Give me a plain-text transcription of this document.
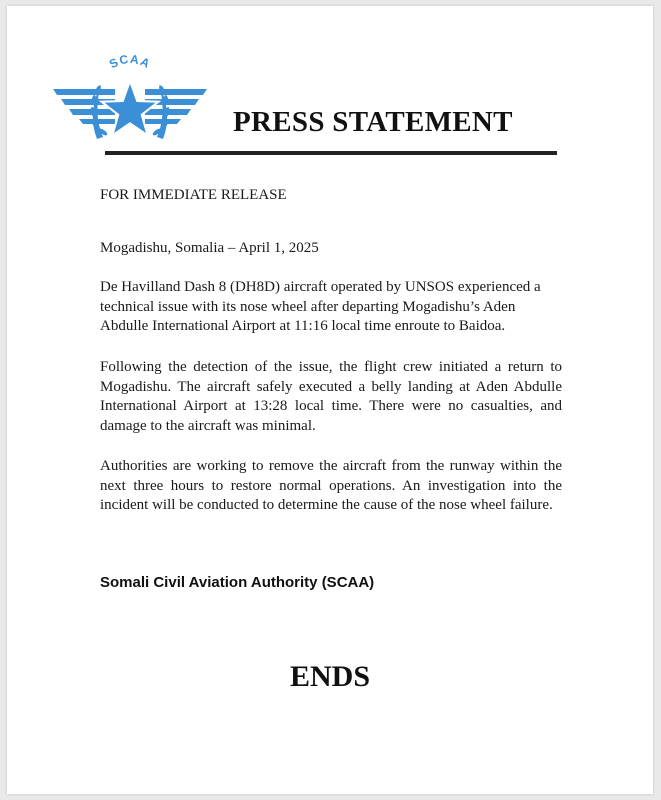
SCAA
PRESS STATEMENT
FOR IMMEDIATE RELEASE
Mogadishu, Somalia – April 1, 2025
De Havilland Dash 8 (DH8D) aircraft operated by UNSOS experienced a technical issue with its nose wheel after departing Mogadishu’s Aden Abdulle International Airport at 11:16 local time enroute to Baidoa.
Following the detection of the issue, the flight crew initiated a return to Mogadishu. The aircraft safely executed a belly landing at Aden Abdulle International Airport at 13:28 local time. There were no casualties, and damage to the aircraft was minimal.
Authorities are working to remove the aircraft from the runway within the next three hours to restore normal operations. An investigation into the incident will be conducted to determine the cause of the nose wheel failure.
Somali Civil Aviation Authority (SCAA)
ENDS
